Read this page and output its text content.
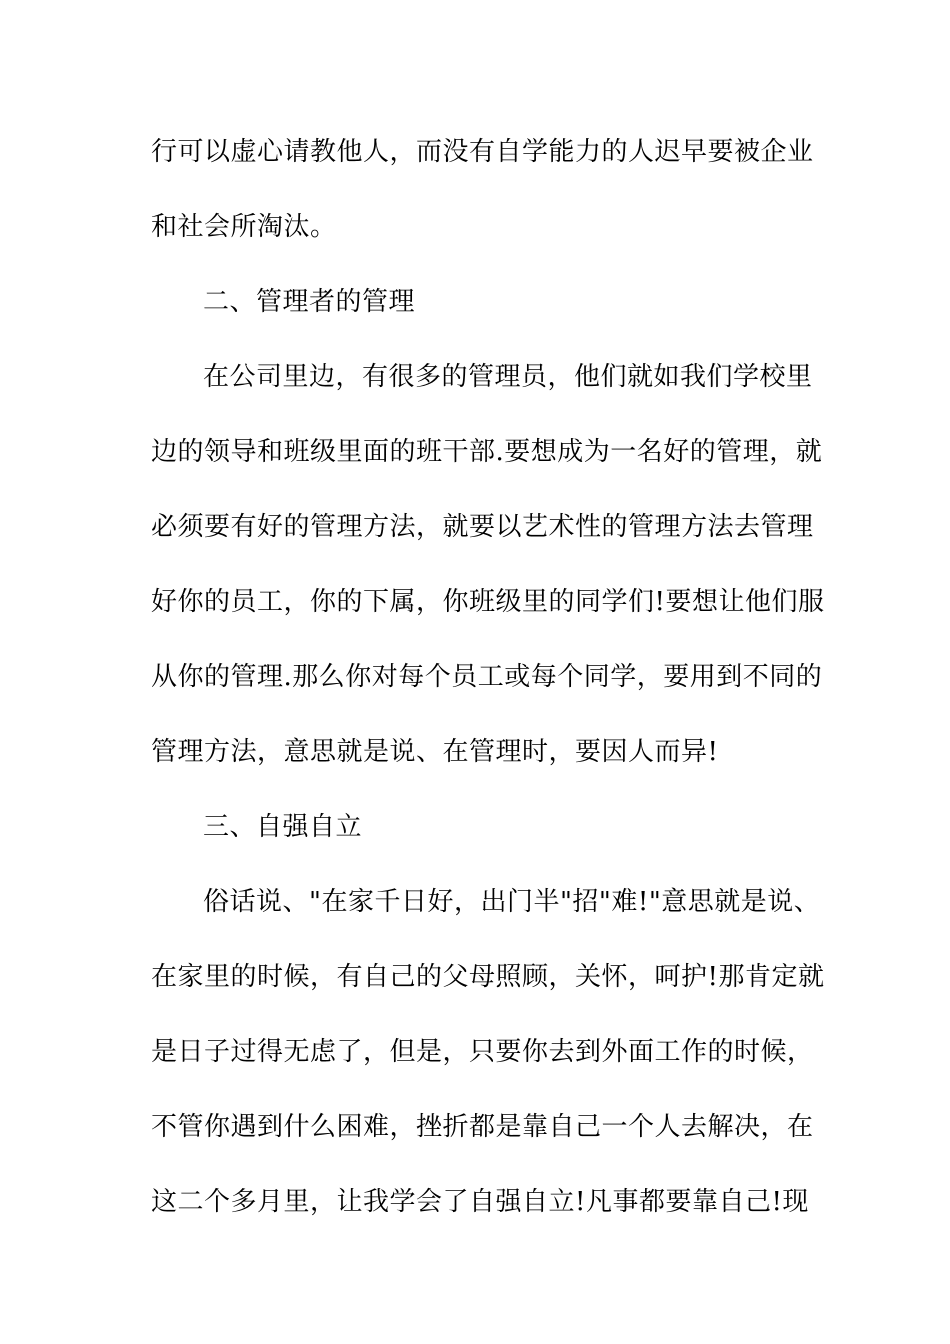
行可以虚心请教他人，而没有自学能力的人迟早要被企业
和社会所淘汰。
二、管理者的管理
在公司里边，有很多的管理员，他们就如我们学校里
边的领导和班级里面的班干部.要想成为一名好的管理，就
必须要有好的管理方法，就要以艺术性的管理方法去管理
好你的员工，你的下属，你班级里的同学们!要想让他们服
从你的管理.那么你对每个员工或每个同学，要用到不同的
管理方法，意思就是说、在管理时，要因人而异!
三、自强自立
俗话说、"在家千日好，出门半"招"难!"意思就是说、
在家里的时候，有自己的父母照顾，关怀，呵护!那肯定就
是日子过得无虑了，但是，只要你去到外面工作的时候，
不管你遇到什么困难，挫折都是靠自己一个人去解决，在
这二个多月里，让我学会了自强自立!凡事都要靠自己!现
